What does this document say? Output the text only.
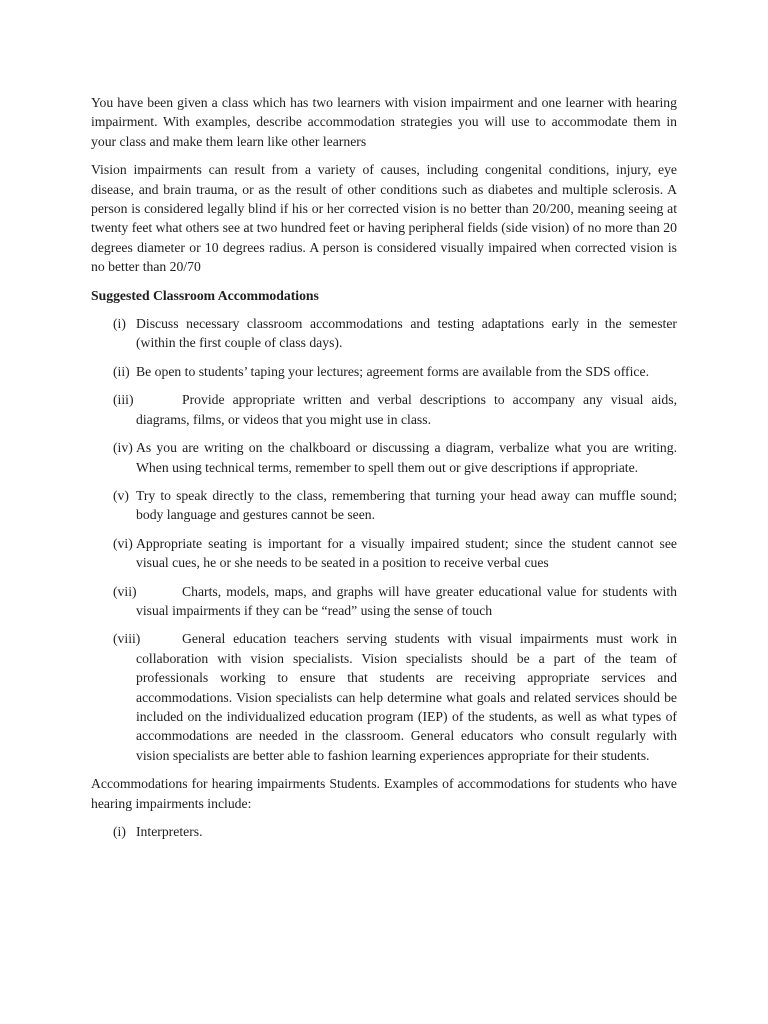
You have been given a class which has two learners with vision impairment and one learner with hearing impairment. With examples, describe accommodation strategies you will use to accommodate them in your class and make them learn like other learners

Vision impairments can result from a variety of causes, including congenital conditions, injury, eye disease, and brain trauma, or as the result of other conditions such as diabetes and multiple sclerosis. A person is considered legally blind if his or her corrected vision is no better than 20/200, meaning seeing at twenty feet what others see at two hundred feet or having peripheral fields (side vision) of no more than 20 degrees diameter or 10 degrees radius. A person is considered visually impaired when corrected vision is no better than 20/70

Suggested Classroom Accommodations

(i) Discuss necessary classroom accommodations and testing adaptations early in the semester (within the first couple of class days).
(ii) Be open to students’ taping your lectures; agreement forms are available from the SDS office.
(iii)	Provide appropriate written and verbal descriptions to accompany any visual aids, diagrams, films, or videos that you might use in class.
(iv) As you are writing on the chalkboard or discussing a diagram, verbalize what you are writing. When using technical terms, remember to spell them out or give descriptions if appropriate.
(v) Try to speak directly to the class, remembering that turning your head away can muffle sound; body language and gestures cannot be seen.
(vi) Appropriate seating is important for a visually impaired student; since the student cannot see visual cues, he or she needs to be seated in a position to receive verbal cues
(vii)	Charts, models, maps, and graphs will have greater educational value for students with visual impairments if they can be “read” using the sense of touch
(viii)	General education teachers serving students with visual impairments must work in collaboration with vision specialists. Vision specialists should be a part of the team of professionals working to ensure that students are receiving appropriate services and accommodations. Vision specialists can help determine what goals and related services should be included on the individualized education program (IEP) of the students, as well as what types of accommodations are needed in the classroom. General educators who consult regularly with vision specialists are better able to fashion learning experiences appropriate for their students.

Accommodations for hearing impairments Students. Examples of accommodations for students who have hearing impairments include:

(i) Interpreters.
